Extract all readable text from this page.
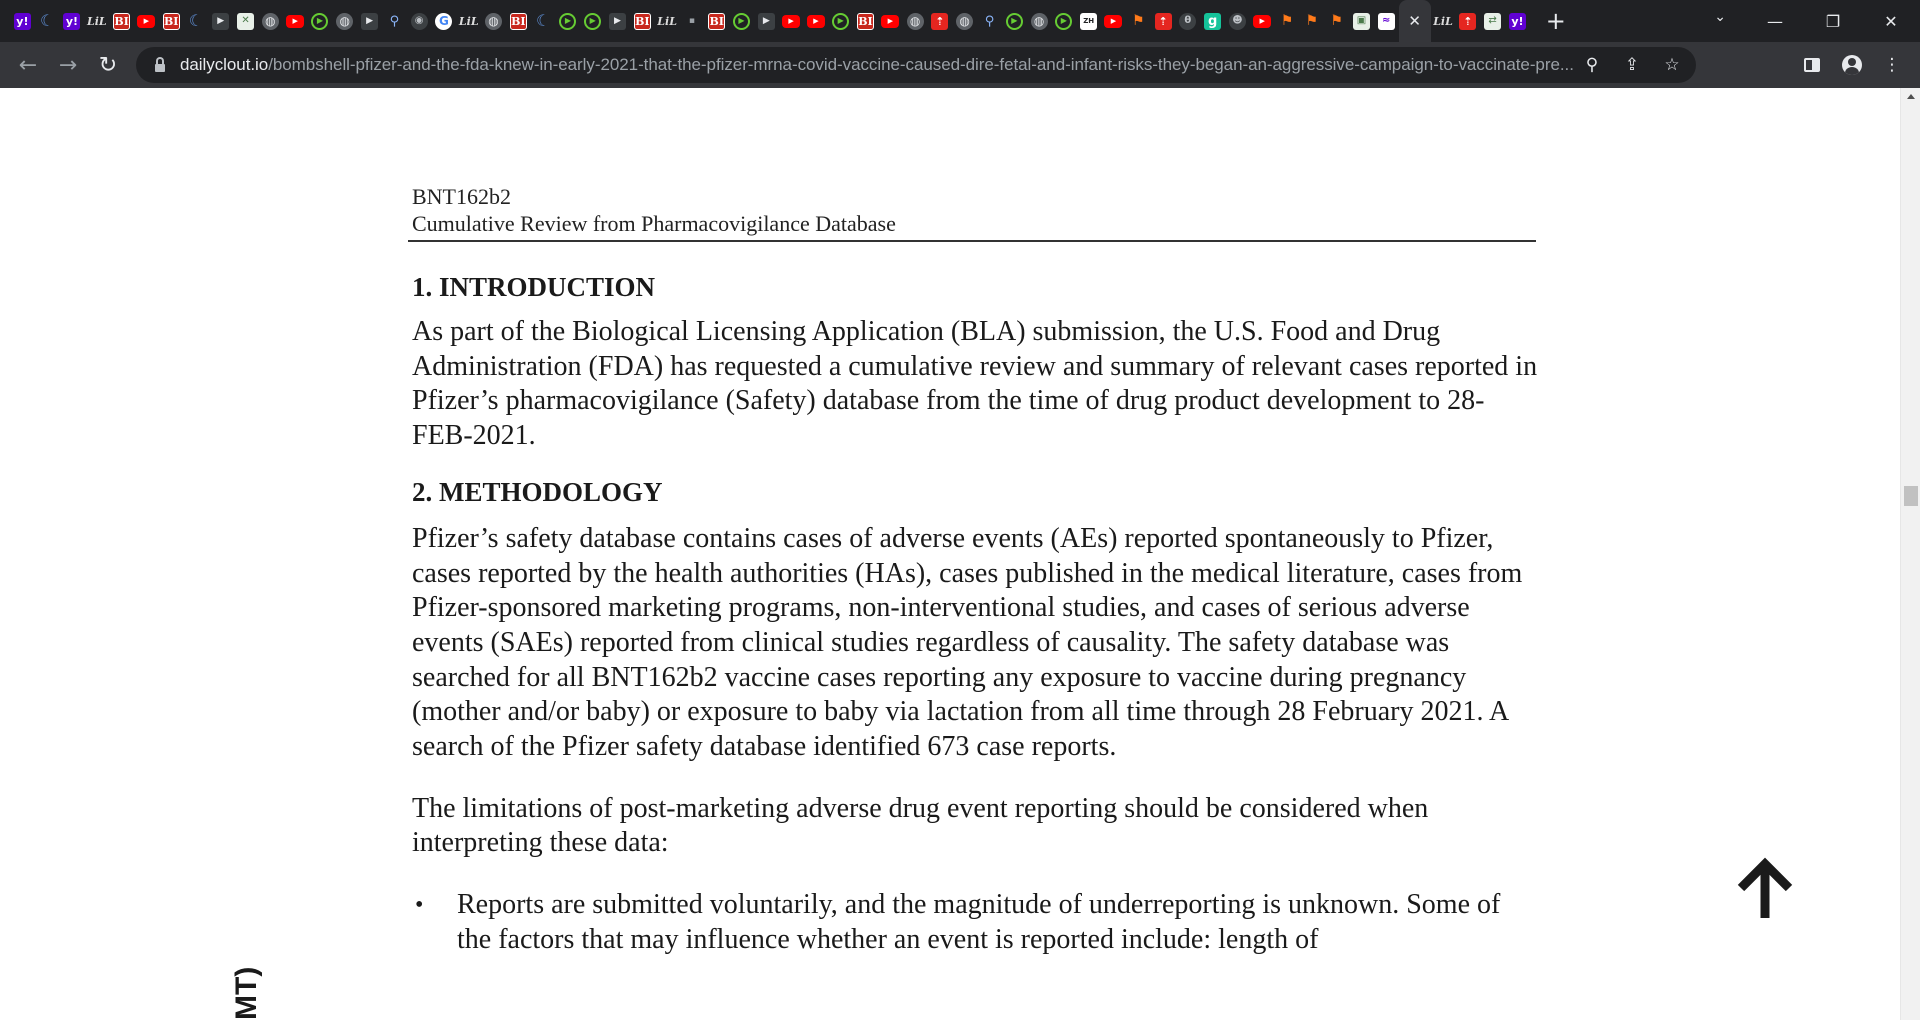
y! ☾ y! LiL BI	▶	BI ☾	▶	✕	◍	▶	▶	◍	▶	⚲	◉	G LiL ◍ BI ☾	▶	▶	▶	BI LiL	▪	BI	▶	▶	▶	▶	▶	BI	▶	◍	⇡	◍ ⚲	▶	◍	▶	ZH	▶	⚑	⇡	θ	g	☻	▶	⚑ ⚑ ⚑	▣	≈ ✕ LiL ⇡	⇄	y! +	⌄	—	❐	✕
← → ↻	dailyclout.io/bombshell-pfizer-and-the-fda-knew-in-early-2021-that-the-pfizer-mrna-covid-vaccine-caused-dire-fetal-and-infant-risks-they-began-an-aggressive-campaign-to-vaccinate-pre... ⚲	⇪	☆	⋮
BNT162b2
Cumulative Review from Pharmacovigilance Database
1. INTRODUCTION
As part of the Biological Licensing Application (BLA) submission, the U.S. Food and Drug Administration (FDA) has requested a cumulative review and summary of relevant cases reported in Pfizer’s pharmacovigilance (Safety) database from the time of drug product development to 28-FEB-2021.
2. METHODOLOGY
Pfizer’s safety database contains cases of adverse events (AEs) reported spontaneously to Pfizer, cases reported by the health authorities (HAs), cases published in the medical literature, cases from Pfizer-sponsored marketing programs, non-interventional studies, and cases of serious adverse events (SAEs) reported from clinical studies regardless of causality. The safety database was searched for all BNT162b2 vaccine cases reporting any exposure to vaccine during pregnancy (mother and/or baby) or exposure to baby via lactation from all time through 28 February 2021. A search of the Pfizer safety database identified 673 case reports.
The limitations of post-marketing adverse drug event reporting should be considered when interpreting these data:
• Reports are submitted voluntarily, and the magnitude of underreporting is unknown. Some of the factors that may influence whether an event is reported include: length of
MT)
